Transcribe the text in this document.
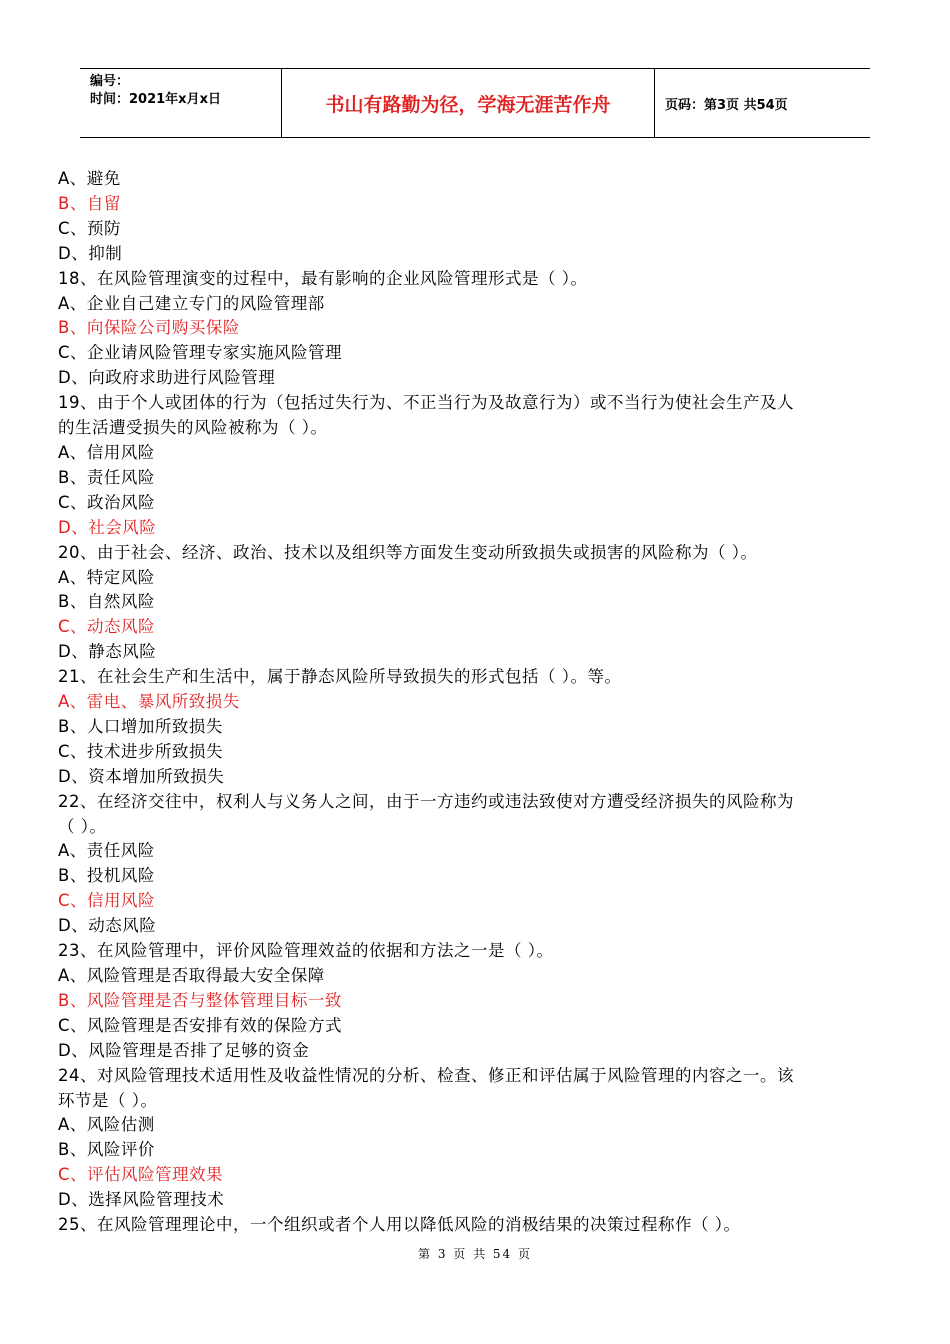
编号：
时间：2021年x月x日	书山有路勤为径，学海无涯苦作舟	页码：第3页 共54页
A、避免
B、自留
C、预防
D、抑制
18、在风险管理演变的过程中，最有影响的企业风险管理形式是（ ）。
A、企业自己建立专门的风险管理部
B、向保险公司购买保险
C、企业请风险管理专家实施风险管理
D、向政府求助进行风险管理
19、由于个人或团体的行为（包括过失行为、不正当行为及故意行为）或不当行为使社会生产及人
的生活遭受损失的风险被称为（ ）。
A、信用风险
B、责任风险
C、政治风险
D、社会风险
20、由于社会、经济、政治、技术以及组织等方面发生变动所致损失或损害的风险称为（ ）。
A、特定风险
B、自然风险
C、动态风险
D、静态风险
21、在社会生产和生活中，属于静态风险所导致损失的形式包括（ ）。等。
A、雷电、暴风所致损失
B、人口增加所致损失
C、技术进步所致损失
D、资本增加所致损失
22、在经济交往中，权利人与义务人之间，由于一方违约或违法致使对方遭受经济损失的风险称为
（ ）。
A、责任风险
B、投机风险
C、信用风险
D、动态风险
23、在风险管理中，评价风险管理效益的依据和方法之一是（ ）。
A、风险管理是否取得最大安全保障
B、风险管理是否与整体管理目标一致
C、风险管理是否安排有效的保险方式
D、风险管理是否排了足够的资金
24、对风险管理技术适用性及收益性情况的分析、检查、修正和评估属于风险管理的内容之一。该
环节是（ ）。
A、风险估测
B、风险评价
C、评估风险管理效果
D、选择风险管理技术
25、在风险管理理论中，一个组织或者个人用以降低风险的消极结果的决策过程称作（ ）。
第 3 页 共 54 页
